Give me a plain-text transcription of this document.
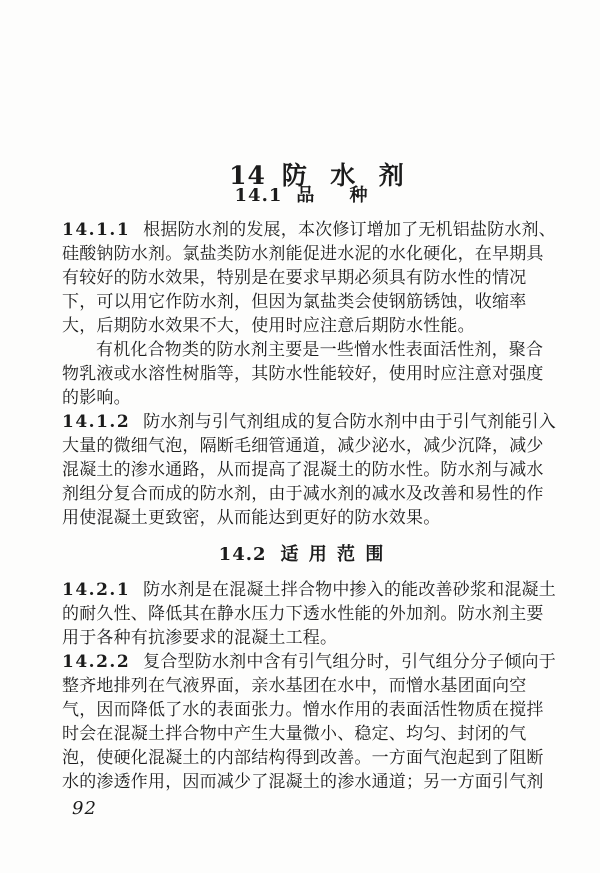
14 防  水  剂

14.1 品    种
14.1.1 根据防水剂的发展，本次修订增加了无机铝盐防水剂、
硅酸钠防水剂。氯盐类防水剂能促进水泥的水化硬化，在早期具
有较好的防水效果，特别是在要求早期必须具有防水性的情况
下，可以用它作防水剂，但因为氯盐类会使钢筋锈蚀，收缩率
大，后期防水效果不大，使用时应注意后期防水性能。
有机化合物类的防水剂主要是一些憎水性表面活性剂，聚合
物乳液或水溶性树脂等，其防水性能较好，使用时应注意对强度
的影响。
14.1.2 防水剂与引气剂组成的复合防水剂中由于引气剂能引入
大量的微细气泡，隔断毛细管通道，减少泌水，减少沉降，减少
混凝土的渗水通路，从而提高了混凝土的防水性。防水剂与减水
剂组分复合而成的防水剂，由于减水剂的减水及改善和易性的作
用使混凝土更致密，从而能达到更好的防水效果。
14.2 适 用 范 围
14.2.1 防水剂是在混凝土拌合物中掺入的能改善砂浆和混凝土
的耐久性、降低其在静水压力下透水性能的外加剂。防水剂主要
用于各种有抗渗要求的混凝土工程。
14.2.2 复合型防水剂中含有引气组分时，引气组分分子倾向于
整齐地排列在气液界面，亲水基团在水中，而憎水基团面向空
气，因而降低了水的表面张力。憎水作用的表面活性物质在搅拌
时会在混凝土拌合物中产生大量微小、稳定、均匀、封闭的气
泡，使硬化混凝土的内部结构得到改善。一方面气泡起到了阻断
水的渗透作用，因而减少了混凝土的渗水通道；另一方面引气剂
92
